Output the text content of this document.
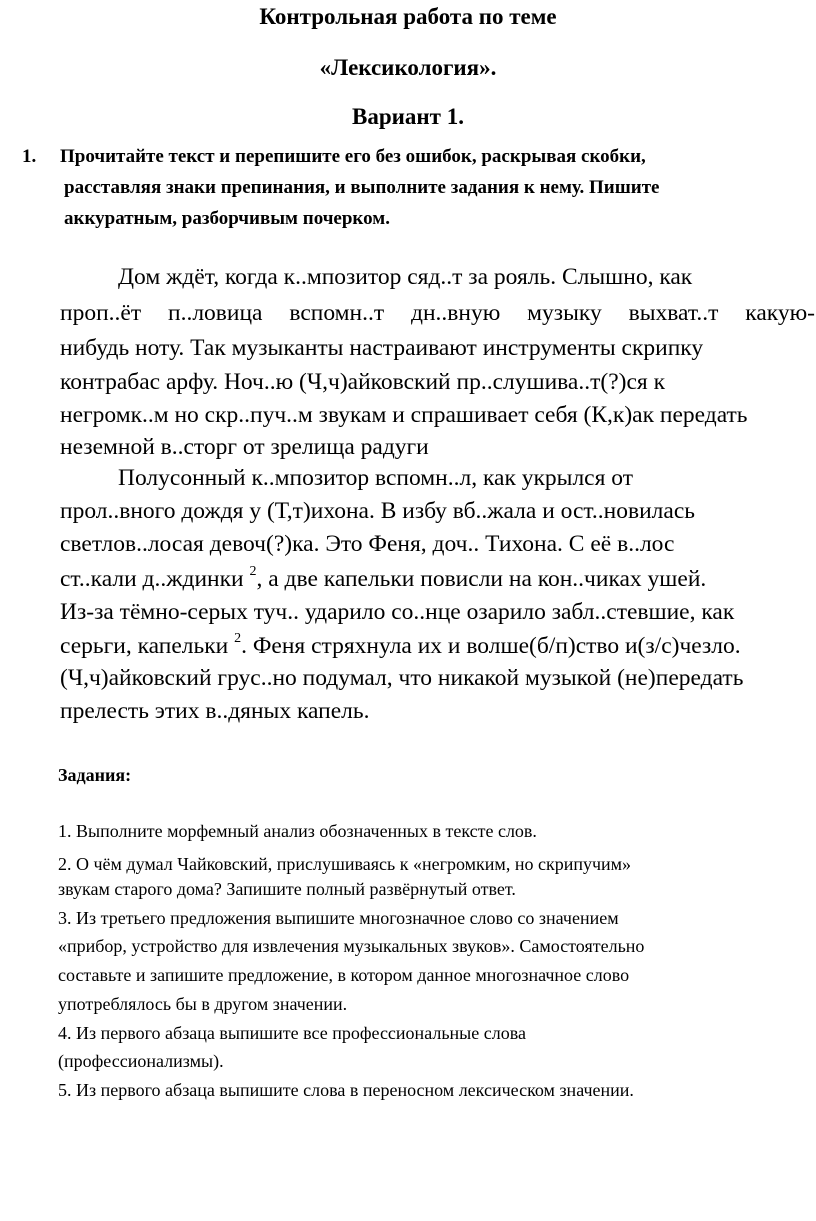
Контрольная работа по теме
«Лексикология».
Вариант 1.
1. Прочитайте текст и перепишите его без ошибок, раскрывая скобки,
расставляя знаки препинания, и выполните задания к нему. Пишите
аккуратным, разборчивым почерком.
Дом ждёт, когда к..мпозитор сяд..т за рояль. Слышно, как
проп..ёт п..ловица вспомн..т дн..вную музыку выхват..т какую-
нибудь ноту. Так музыканты настраивают инструменты скрипку
контрабас арфу. Ноч..ю (Ч,ч)айковский пр..слушива..т(?)ся к
негромк..м но скр..пуч..м звукам и спрашивает себя (К,к)ак передать
неземной в..сторг от зрелища радуги
Полусонный к..мпозитор вспомн..л, как укрылся от
прол..вного дождя у (Т,т)ихона. В избу вб..жала и ост..новилась
светлов..лосая девоч(?)ка. Это Феня, доч.. Тихона. С её в..лос
ст..кали д..ждинки $^2$, а две капельки повисли на кон..чиках ушей.
Из-за тёмно-серых туч.. ударило со..нце озарило забл..стевшие, как
серьги, капельки $^2$. Феня стряхнула их и волше(б/п)ство и(з/с)чезло.
(Ч,ч)айковский грус..но подумал, что никакой музыкой (не)передать
прелесть этих в..дяных капель.
Задания:
1. Выполните морфемный анализ обозначенных в тексте слов.
2. О чём думал Чайковский, прислушиваясь к «негромким, но скрипучим»
звукам старого дома? Запишите полный развёрнутый ответ.
3. Из третьего предложения выпишите многозначное слово со значением
«прибор, устройство для извлечения музыкальных звуков». Самостоятельно
составьте и запишите предложение, в котором данное многозначное слово
употреблялось бы в другом значении.
4. Из первого абзаца выпишите все профессиональные слова
(профессионализмы).
5. Из первого абзаца выпишите слова в переносном лексическом значении.
